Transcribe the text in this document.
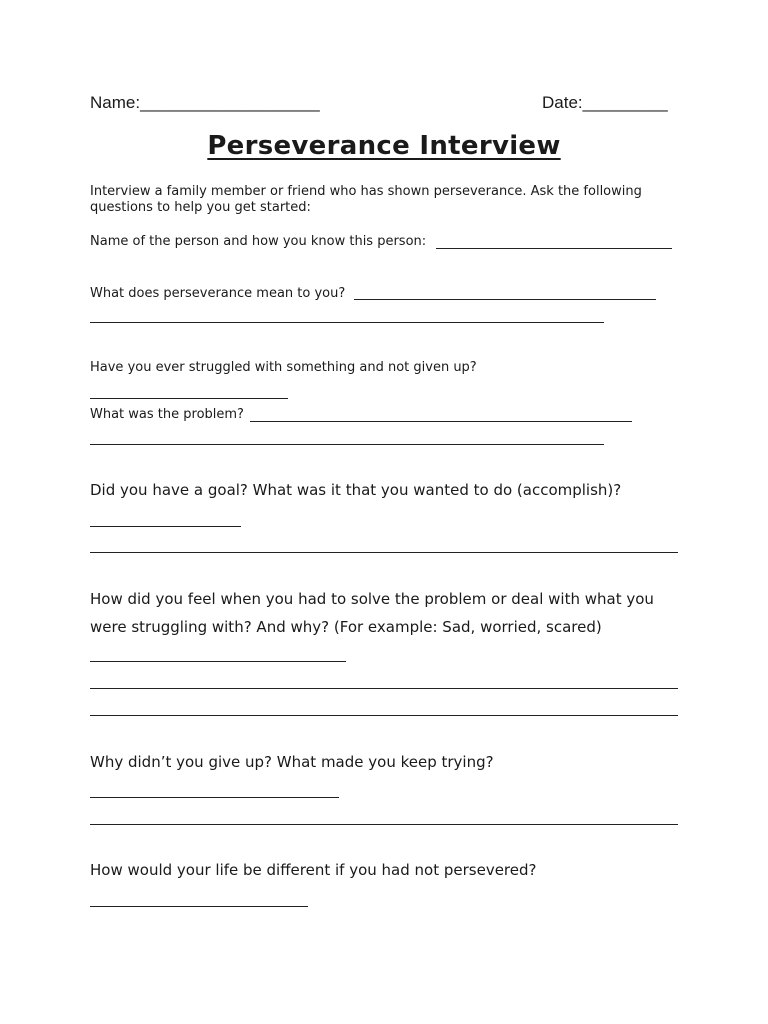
Name:___________________	Date:_________
Perseverance Interview
Interview a family member or friend who has shown perseverance. Ask the following
questions to help you get started:
Name of the person and how you know this person:
What does perseverance mean to you?
Have you ever struggled with something and not given up?
What was the problem?
Did you have a goal? What was it that you wanted to do (accomplish)?
How did you feel when you had to solve the problem or deal with what you
were struggling with? And why? (For example: Sad, worried, scared)
Why didn’t you give up? What made you keep trying?
How would your life be different if you had not persevered?
